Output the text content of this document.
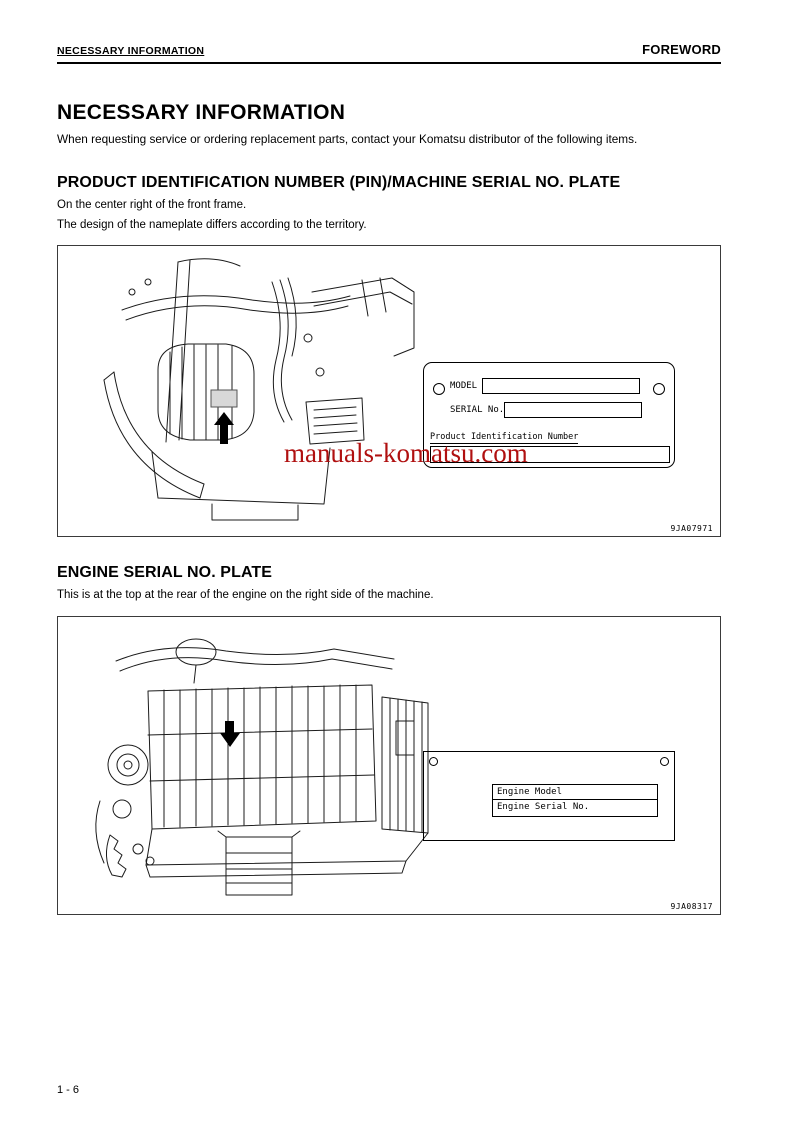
NECESSARY INFORMATION	FOREWORD
NECESSARY INFORMATION

When requesting service or ordering replacement parts, contact your Komatsu distributor of the following items.

PRODUCT IDENTIFICATION NUMBER (PIN)/MACHINE SERIAL NO. PLATE

On the center right of the front frame.

The design of the nameplate differs according to the territory.

MODEL
SERIAL No.
Product Identification Number
manuals-komatsu.com
9JA07971
ENGINE SERIAL NO. PLATE

This is at the top at the rear of the engine on the right side of the machine.

Engine Model
Engine Serial No.
9JA08317
1 - 6
